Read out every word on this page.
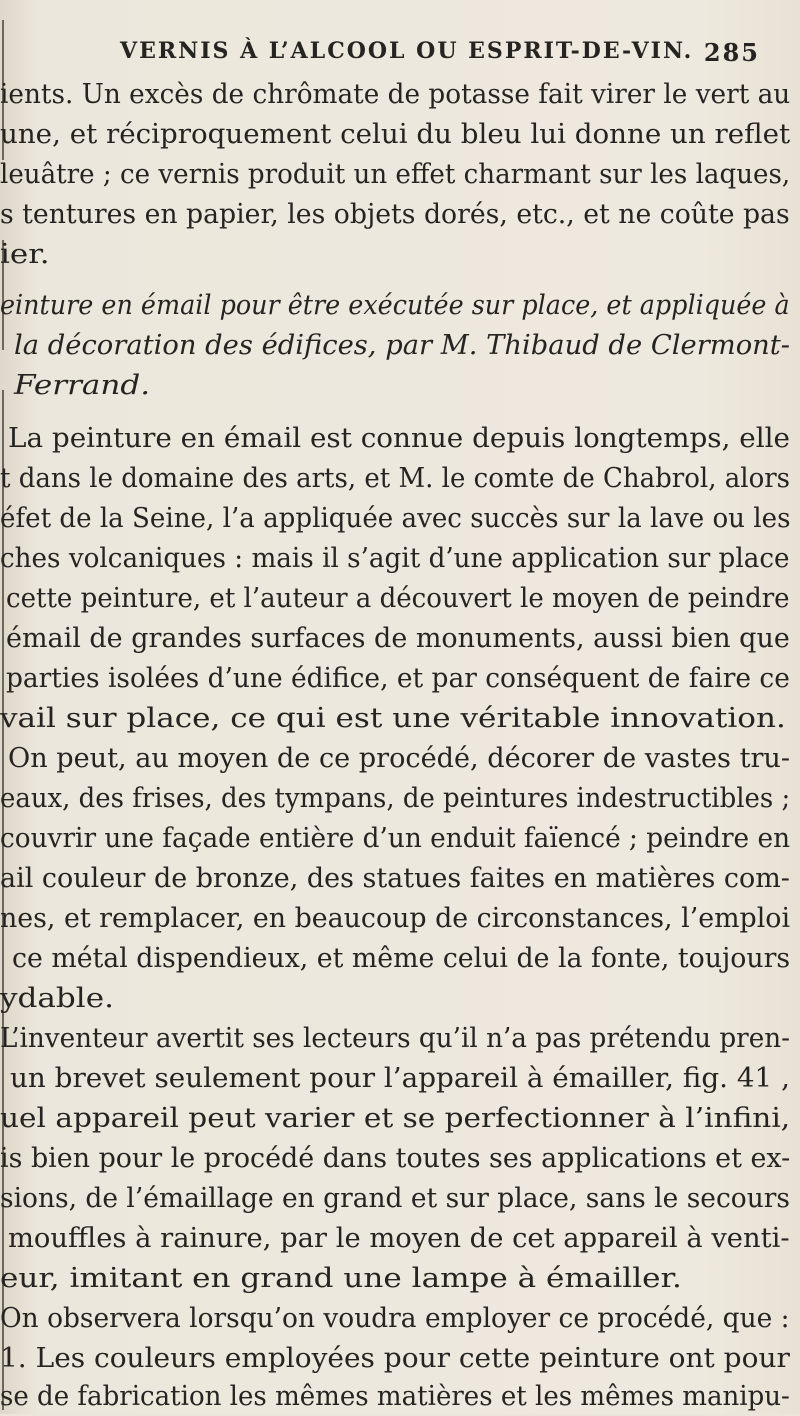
VERNIS À L’ALCOOL OU ESPRIT-DE-VIN. 285
ients. Un excès de chrômate de potasse fait virer le vert au
une, et réciproquement celui du bleu lui donne un reflet
leuâtre ; ce vernis produit un effet charmant sur les laques,
s tentures en papier, les objets dorés, etc., et ne coûte pas
ier.
einture en émail pour être exécutée sur place, et appliquée à
la décoration des édifices, par M. Thibaud de Clermont-
Ferrand.
La peinture en émail est connue depuis longtemps, elle
t dans le domaine des arts, et M. le comte de Chabrol, alors
éfet de la Seine, l’a appliquée avec succès sur la lave ou les
ches volcaniques : mais il s’agit d’une application sur place
cette peinture, et l’auteur a découvert le moyen de peindre
émail de grandes surfaces de monuments, aussi bien que
parties isolées d’une édifice, et par conséquent de faire ce
vail sur place, ce qui est une véritable innovation.
On peut, au moyen de ce procédé, décorer de vastes tru-
eaux, des frises, des tympans, de peintures indestructibles ;
couvrir une façade entière d’un enduit faïencé ; peindre en
ail couleur de bronze, des statues faites en matières com-
nes, et remplacer, en beaucoup de circonstances, l’emploi
ce métal dispendieux, et même celui de la fonte, toujours
ydable.
L’inventeur avertit ses lecteurs qu’il n’a pas prétendu pren-
un brevet seulement pour l’appareil à émailler, fig. 41 ,
uel appareil peut varier et se perfectionner à l’infini,
is bien pour le procédé dans toutes ses applications et ex-
sions, de l’émaillage en grand et sur place, sans le secours
mouffles à rainure, par le moyen de cet appareil à venti-
eur, imitant en grand une lampe à émailler.
On observera lorsqu’on voudra employer ce procédé, que :
1. Les couleurs employées pour cette peinture ont pour
se de fabrication les mêmes matières et les mêmes manipu-
